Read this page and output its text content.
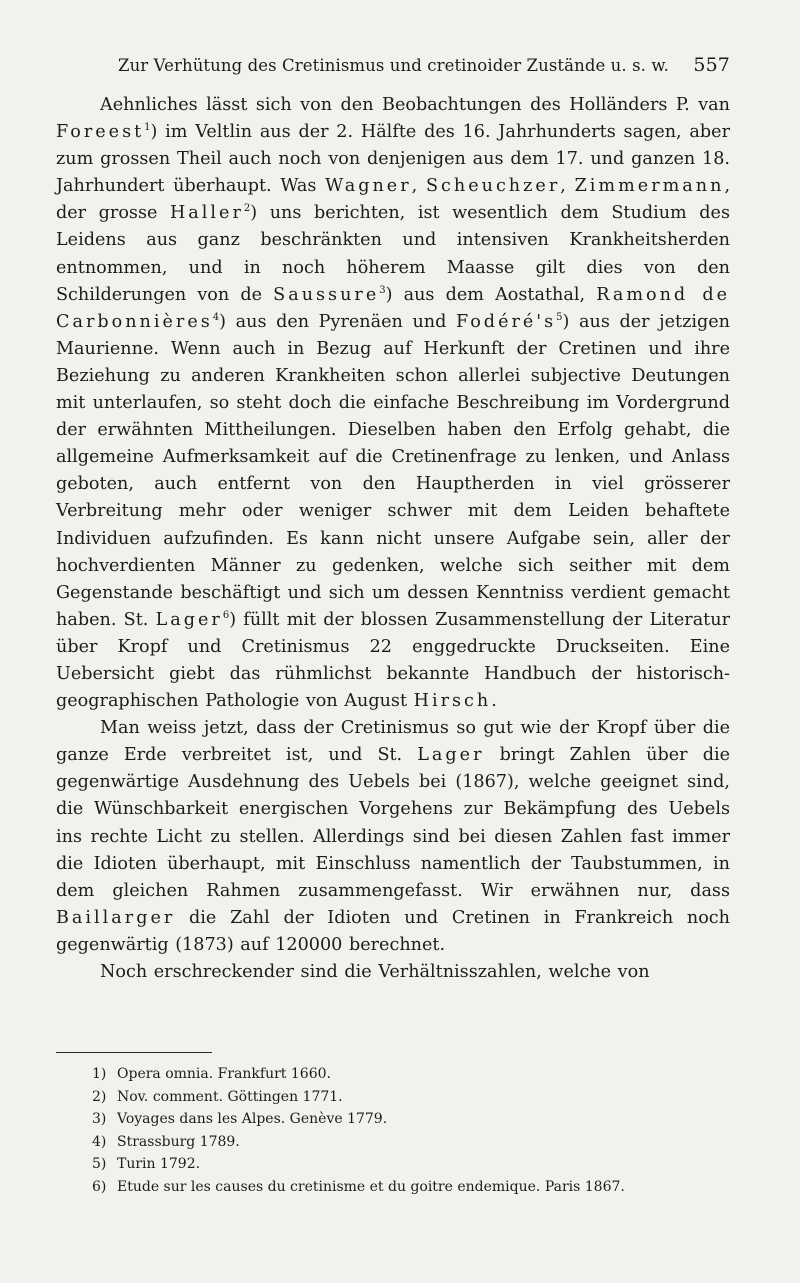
Zur Verhütung des Cretinismus und cretinoider Zustände u. s. w. 557

Aehnliches lässt sich von den Beobachtungen des Holländers P. van Foreest$^1$) im Veltlin aus der 2. Hälfte des 16. Jahrhunderts sagen, aber zum grossen Theil auch noch von denjenigen aus dem 17. und ganzen 18. Jahrhundert überhaupt. Was Wagner, Scheuchzer, Zimmermann, der grosse Haller$^2$) uns berichten, ist wesentlich dem Studium des Leidens aus ganz beschränkten und intensiven Krankheitsherden entnommen, und in noch höherem Maasse gilt dies von den Schilderungen von de Saussure$^3$) aus dem Aostathal, Ramond de Carbonnières$^4$) aus den Pyrenäen und $Fodéré's^5$) aus der jetzigen Maurienne. Wenn auch in Bezug auf Herkunft der Cretinen und ihre Beziehung zu anderen Krankheiten schon allerlei subjective Deutungen mit unterlaufen, so steht doch die einfache Beschreibung im Vordergrund der erwähnten Mittheilungen. Dieselben haben den Erfolg gehabt, die allgemeine Aufmerksamkeit auf die Cretinenfrage zu lenken, und Anlass geboten, auch entfernt von den Hauptherden in viel grösserer Verbreitung mehr oder weniger schwer mit dem Leiden behaftete Individuen aufzufinden. Es kann nicht unsere Aufgabe sein, aller der hochverdienten Männer zu gedenken, welche sich seither mit dem Gegenstande beschäftigt und sich um dessen Kenntniss verdient gemacht haben. St. Lager$^6$) füllt mit der blossen Zusammenstellung der Literatur über Kropf und Cretinismus 22 enggedruckte Druckseiten. Eine Uebersicht giebt das rühmlichst bekannte Handbuch der historisch-geographischen Pathologie von August Hirsch.

Man weiss jetzt, dass der Cretinismus so gut wie der Kropf über die ganze Erde verbreitet ist, und St. Lager bringt Zahlen über die gegenwärtige Ausdehnung des Uebels bei (1867), welche geeignet sind, die Wünschbarkeit energischen Vorgehens zur Bekämpfung des Uebels ins rechte Licht zu stellen. Allerdings sind bei diesen Zahlen fast immer die Idioten überhaupt, mit Einschluss namentlich der Taubstummen, in dem gleichen Rahmen zusammengefasst. Wir erwähnen nur, dass Baillarger die Zahl der Idioten und Cretinen in Frankreich noch gegenwärtig (1873) auf 120000 berechnet.

Noch erschreckender sind die Verhältnisszahlen, welche von

1) Opera omnia. Frankfurt 1660.
2) Nov. comment. Göttingen 1771.
3) Voyages dans les Alpes. Genève 1779.
4) Strassburg 1789.
5) Turin 1792.
6) Etude sur les causes du cretinisme et du goitre endemique. Paris 1867.
